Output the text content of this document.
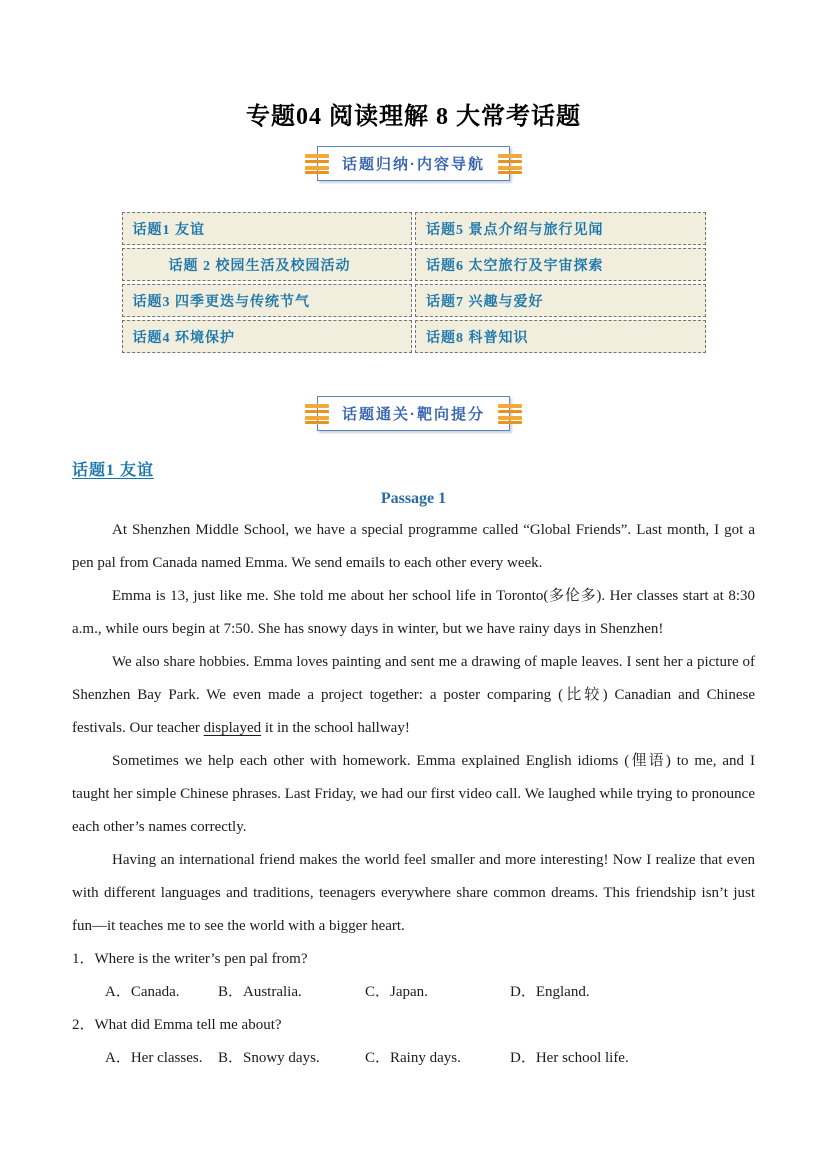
专题04 阅读理解 8 大常考话题
话题归纳·内容导航
话题1 友谊	话题5 景点介绍与旅行见闻
话题 2 校园生活及校园活动	话题6 太空旅行及宇宙探索
话题3 四季更迭与传统节气	话题7 兴趣与爱好
话题4 环境保护	话题8 科普知识
话题通关·靶向提分
话题1 友谊
Passage 1

At Shenzhen Middle School, we have a special programme called “Global Friends”. Last month, I got a pen pal from Canada named Emma. We send emails to each other every week.

Emma is 13, just like me. She told me about her school life in Toronto(多伦多). Her classes start at 8:30 a.m., while ours begin at 7:50. She has snowy days in winter, but we have rainy days in Shenzhen!

We also share hobbies. Emma loves painting and sent me a drawing of maple leaves. I sent her a picture of Shenzhen Bay Park. We even made a project together: a poster comparing (比较) Canadian and Chinese festivals. Our teacher displayed it in the school hallway!

Sometimes we help each other with homework. Emma explained English idioms (俚语) to me, and I taught her simple Chinese phrases. Last Friday, we had our first video call. We laughed while trying to pronounce each other’s names correctly.

Having an international friend makes the world feel smaller and more interesting! Now I realize that even with different languages and traditions, teenagers everywhere share common dreams. This friendship isn’t just fun—it teaches me to see the world with a bigger heart.

1．Where is the writer’s pen pal from?
A．Canada.	B．Australia.	C．Japan.	D．England.
2．What did Emma tell me about?
A．Her classes.	B．Snowy days.	C．Rainy days.	D．Her school life.
